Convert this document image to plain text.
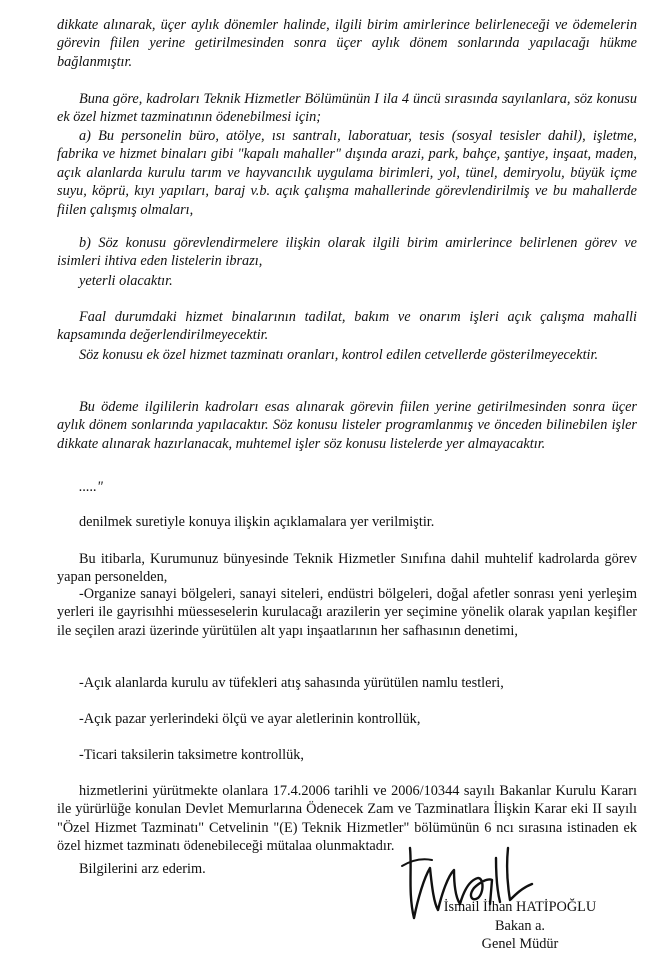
dikkate alınarak, üçer aylık dönemler halinde, ilgili birim amirlerince belirleneceği ve ödemelerin görevin fiilen yerine getirilmesinden sonra üçer aylık dönem sonlarında yapılacağı hükme bağlanmıştır.

Buna göre, kadroları Teknik Hizmetler Bölümünün I ila 4 üncü sırasında sayılanlara, söz konusu ek özel hizmet tazminatının ödenebilmesi için;

a) Bu personelin büro, atölye, ısı santralı, laboratuar, tesis (sosyal tesisler dahil), işletme, fabrika ve hizmet binaları gibi "kapalı mahaller" dışında arazi, park, bahçe, şantiye, inşaat, maden, açık alanlarda kurulu tarım ve hayvancılık uygulama birimleri, yol, tünel, demiryolu, büyük içme suyu, köprü, kıyı yapıları, baraj v.b. açık çalışma mahallerinde görevlendirilmiş ve bu mahallerde fiilen çalışmış olmaları,

b) Söz konusu görevlendirmelere ilişkin olarak ilgili birim amirlerince belirlenen görev ve isimleri ihtiva eden listelerin ibrazı,

yeterli olacaktır.

Faal durumdaki hizmet binalarının tadilat, bakım ve onarım işleri açık çalışma mahalli kapsamında değerlendirilmeyecektir.

Söz konusu ek özel hizmet tazminatı oranları, kontrol edilen cetvellerde gösterilmeyecektir.

Bu ödeme ilgililerin kadroları esas alınarak görevin fiilen yerine getirilmesinden sonra üçer aylık dönem sonlarında yapılacaktır. Söz konusu listeler programlanmış ve önceden bilinebilen işler dikkate alınarak hazırlanacak, muhtemel işler söz konusu listelerde yer almayacaktır.

....."

denilmek suretiyle konuya ilişkin açıklamalara yer verilmiştir.

Bu itibarla, Kurumunuz bünyesinde Teknik Hizmetler Sınıfına dahil muhtelif kadrolarda görev yapan personelden,

-Organize sanayi bölgeleri, sanayi siteleri, endüstri bölgeleri, doğal afetler sonrası yeni yerleşim yerleri ile gayrisıhhi müesseselerin kurulacağı arazilerin yer seçimine yönelik olarak yapılan keşifler ile seçilen arazi üzerinde yürütülen alt yapı inşaatlarının her safhasının denetimi,

-Açık alanlarda kurulu av tüfekleri atış sahasında yürütülen namlu testleri,

-Açık pazar yerlerindeki ölçü ve ayar aletlerinin kontrollük,

-Ticari taksilerin taksimetre kontrollük,

hizmetlerini yürütmekte olanlara 17.4.2006 tarihli ve 2006/10344 sayılı Bakanlar Kurulu Kararı ile yürürlüğe konulan Devlet Memurlarına Ödenecek Zam ve Tazminatlara İlişkin Karar eki II sayılı "Özel Hizmet Tazminatı" Cetvelinin "(E) Teknik Hizmetler" bölümünün 6 ncı sırasına istinaden ek özel hizmet tazminatı ödenebileceği mütalaa olunmaktadır.

Bilgilerini arz ederim.

İsmail İlhan HATİPOĞLU
Bakan a.
Genel Müdür
